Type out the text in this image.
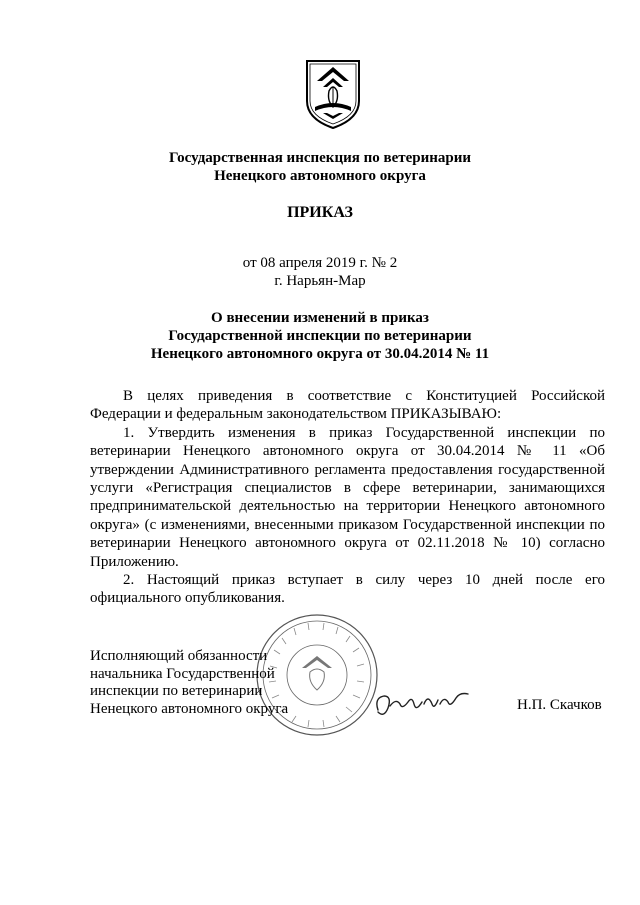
Государственная инспекция по ветеринарии
Ненецкого автономного округа
ПРИКАЗ
от 08 апреля 2019 г. № 2
г. Нарьян-Мар
О внесении изменений в приказ
Государственной инспекции по ветеринарии
Ненецкого автономного округа от 30.04.2014 № 11

В целях приведения в соответствие с Конституцией Российской Федерации и федеральным законодательством ПРИКАЗЫВАЮ:

1. Утвердить изменения в приказ Государственной инспекции по ветеринарии Ненецкого автономного округа от 30.04.2014 № 11 «Об утверждении Административного регламента предоставления государственной услуги «Регистрация специалистов в сфере ветеринарии, занимающихся предпринимательской деятельностью на территории Ненецкого автономного округа» (с изменениями, внесенными приказом Государственной инспекции по ветеринарии Ненецкого автономного округа от 02.11.2018 № 10) согласно Приложению.

2. Настоящий приказ вступает в силу через 10 дней после его официального опубликования.

Исполняющий обязанности
начальника Государственной
инспекции по ветеринарии
Ненецкого автономного округа	Н.П. Скачков
